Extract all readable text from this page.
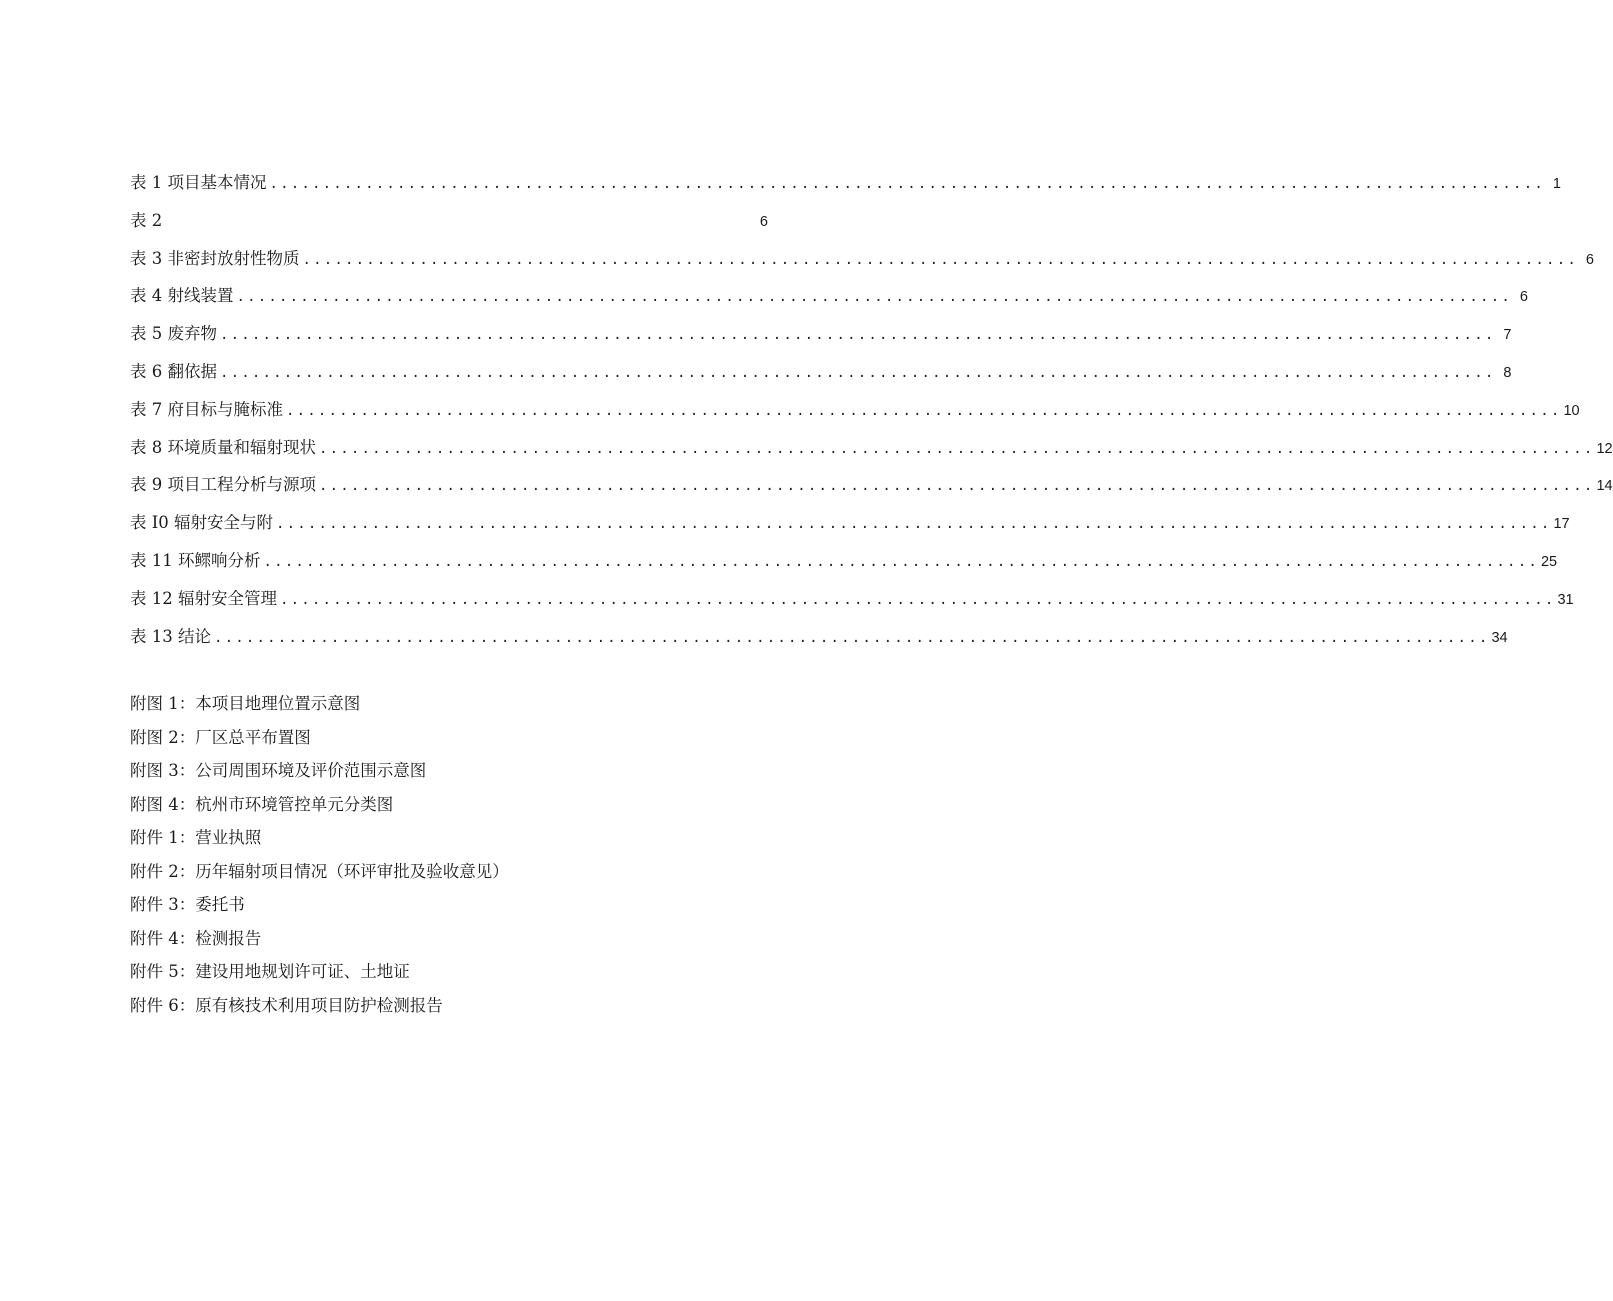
表 1 项目基本情况 ........................................................................................................................ 1
表 2	6
表 3 非密封放射性物质 ........................................................................................................................ 6
表 4 射线装置 ........................................................................................................................ 6
表 5 废弃物 ........................................................................................................................ 7
表 6 翻依据 ........................................................................................................................ 8
表 7 府目标与腌标准 ........................................................................................................................ 10
表 8 环境质量和辐射现状 ........................................................................................................................ 12
表 9 项目工程分析与源项 ........................................................................................................................ 14
表 I0 辐射安全与附 ........................................................................................................................ 17
表 11 环鳏响分析 ........................................................................................................................ 25
表 12 辐射安全管理 ........................................................................................................................ 31
表 13 结论 ........................................................................................................................ 34
附图 1：本项目地理位置示意图
附图 2：厂区总平布置图
附图 3：公司周围环境及评价范围示意图
附图 4：杭州市环境管控单元分类图
附件 1：营业执照
附件 2：历年辐射项目情况（环评审批及验收意见）
附件 3：委托书
附件 4：检测报告
附件 5：建设用地规划许可证、土地证
附件 6：原有核技术利用项目防护检测报告
